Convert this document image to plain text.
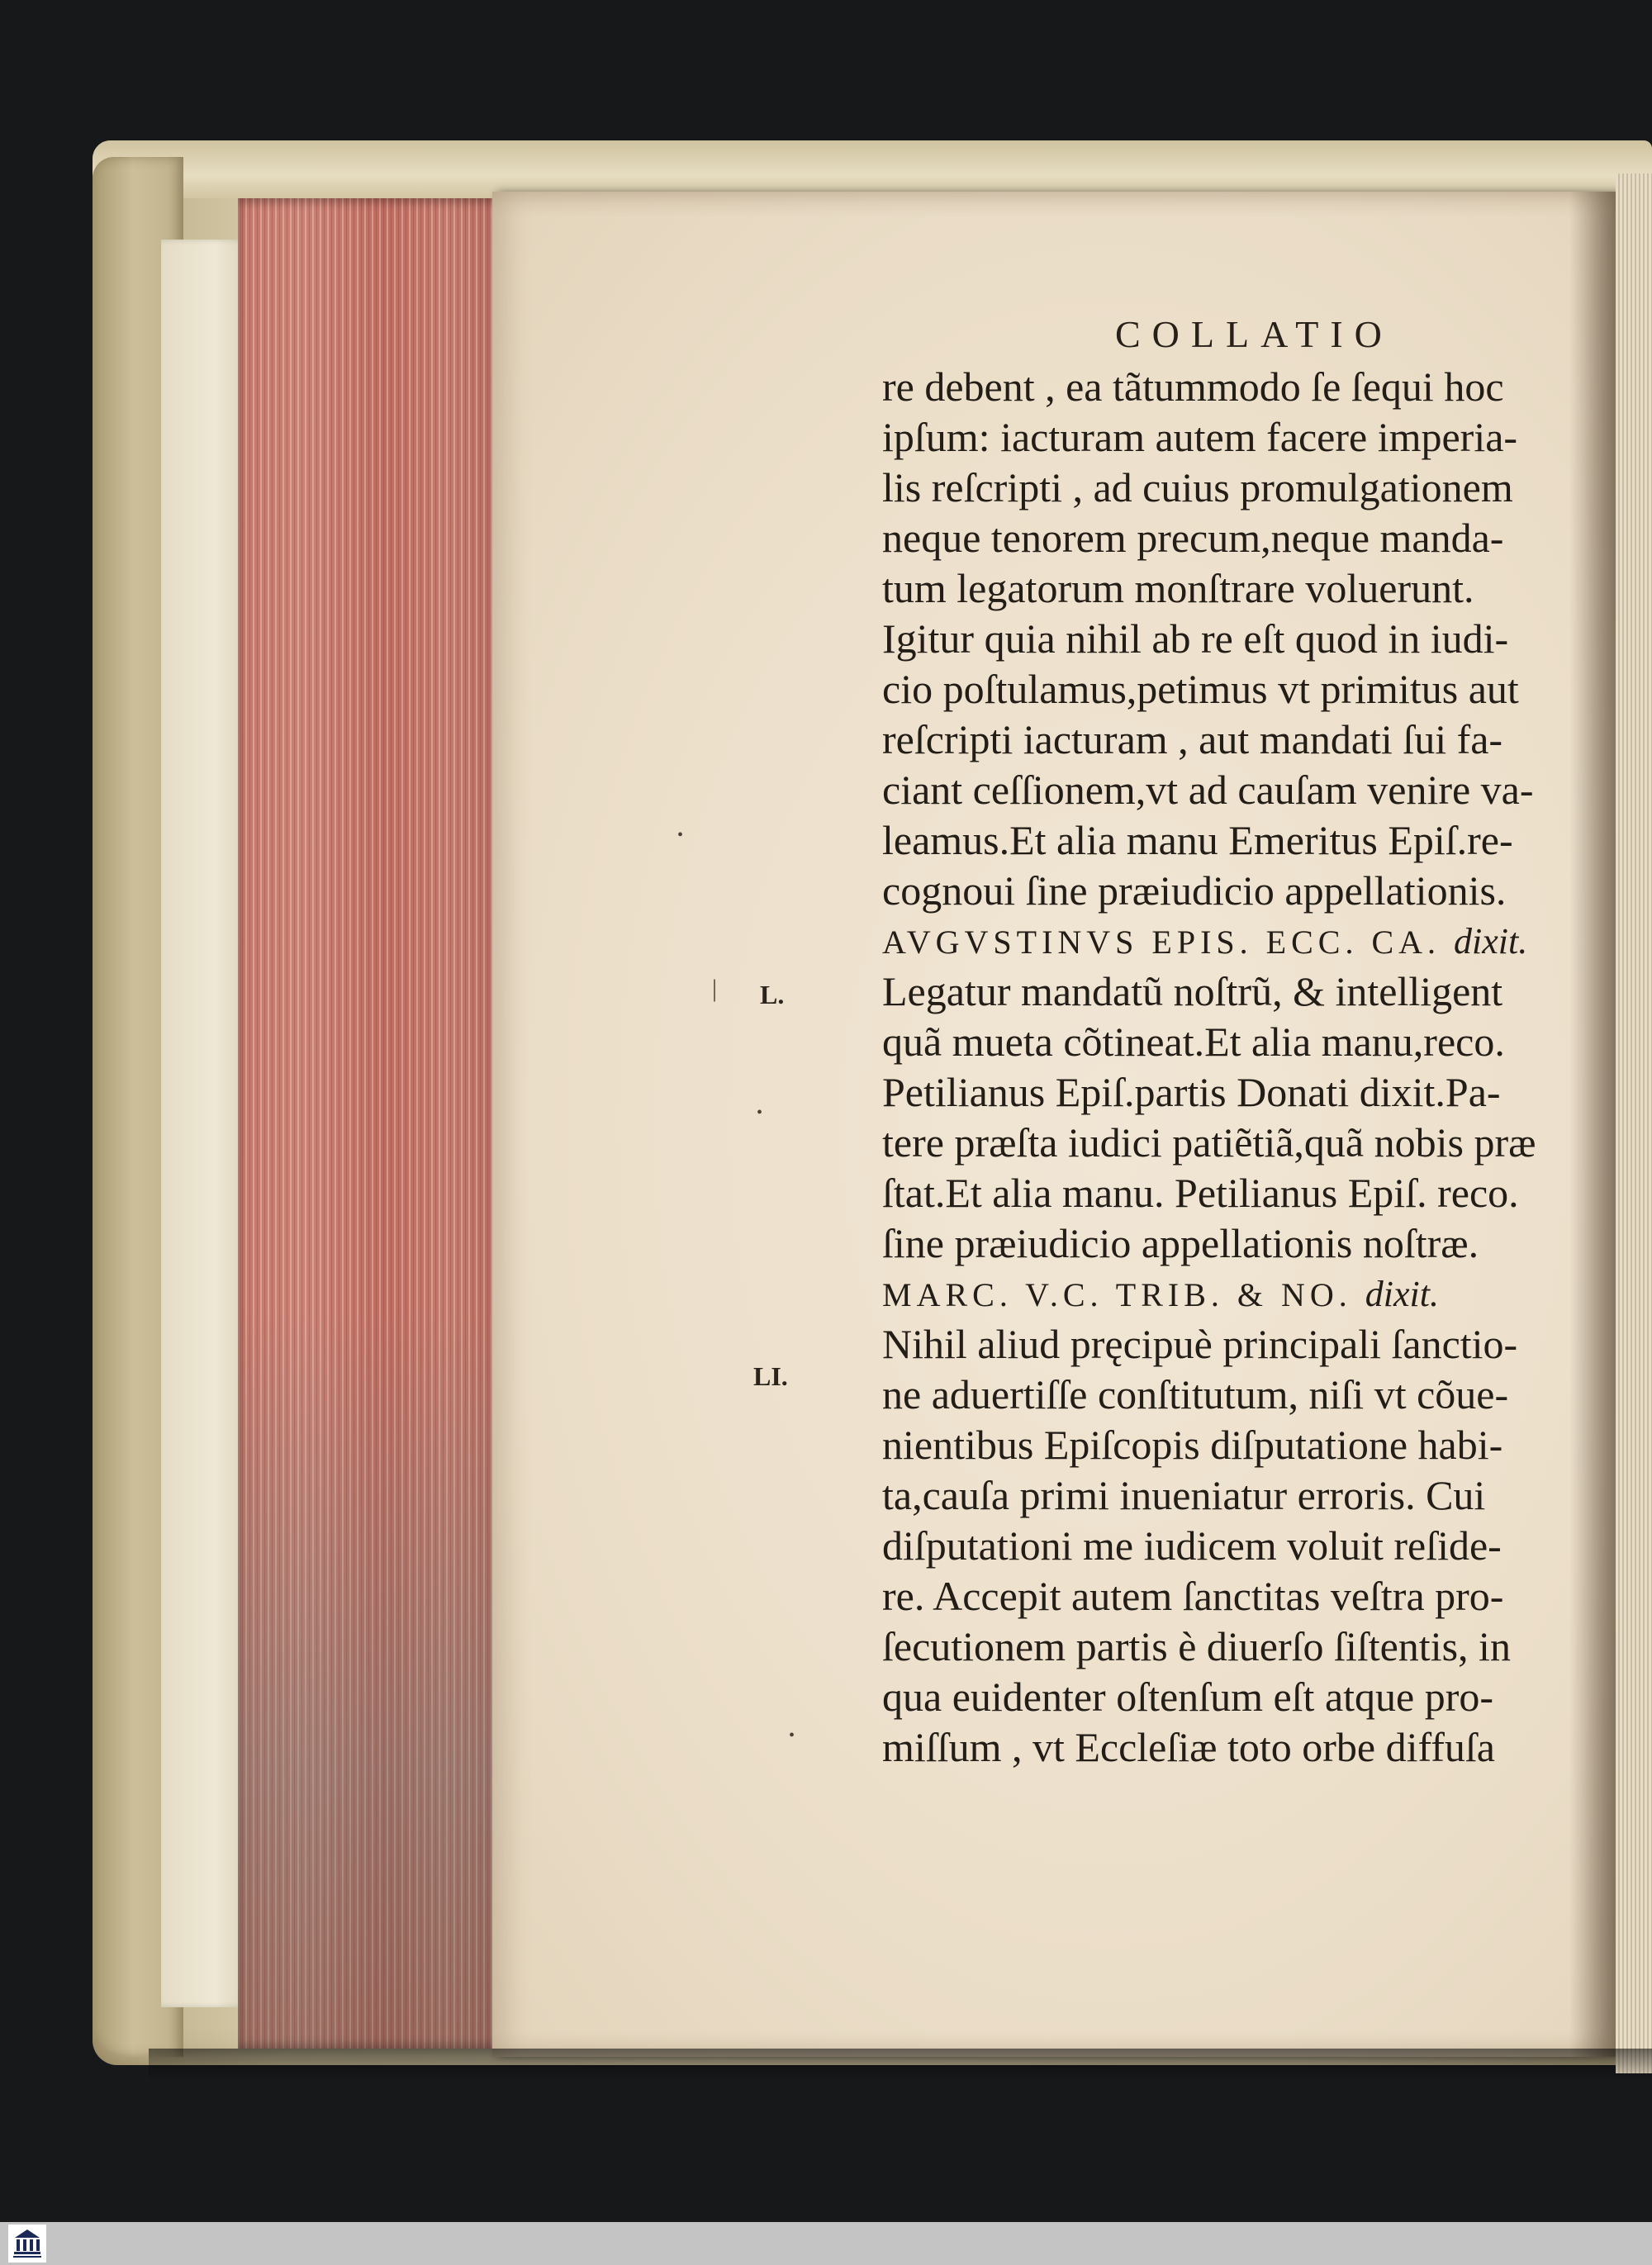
COLLATIO
re debent , ea tãtummodo ſe ſequi hoc
ipſum: iacturam autem facere imperia-
lis reſcripti , ad cuius promulgationem
neque tenorem precum,neque manda-
tum legatorum monſtrare voluerunt.
Igitur quia nihil ab re eſt quod in iudi-
cio poſtulamus,petimus vt primitus aut
reſcripti iacturam , aut mandati ſui fa-
ciant ceſſionem,vt ad cauſam venire va-
leamus.Et alia manu Emeritus Epiſ.re-
cognoui ſine præiudicio appellationis.
AVGVSTINVS EPIS. ECC. CA. dixit.
Legatur mandatũ noſtrũ, & intelligent
quã mueta cõtineat.Et alia manu,reco.
Petilianus Epiſ.partis Donati dixit.Pa-
tere præſta iudici patiẽtiã,quã nobis præ
ſtat.Et alia manu. Petilianus Epiſ. reco.
ſine præiudicio appellationis noſtræ.
MARC. V.C. TRIB. & NO. dixit.
Nihil aliud pręcipuè principali ſanctio-
ne aduertiſſe conſtitutum, niſi vt cõue-
nientibus Epiſcopis diſputatione habi-
ta,cauſa primi inueniatur erroris. Cui
diſputationi me iudicem voluit reſide-
re. Accepit autem ſanctitas veſtra pro-
ſecutionem partis è diuerſo ſiſtentis, in
qua euidenter oſtenſum eſt atque pro-
miſſum , vt Eccleſiæ toto orbe diffuſa
L.
LI.
|
•
•
•
